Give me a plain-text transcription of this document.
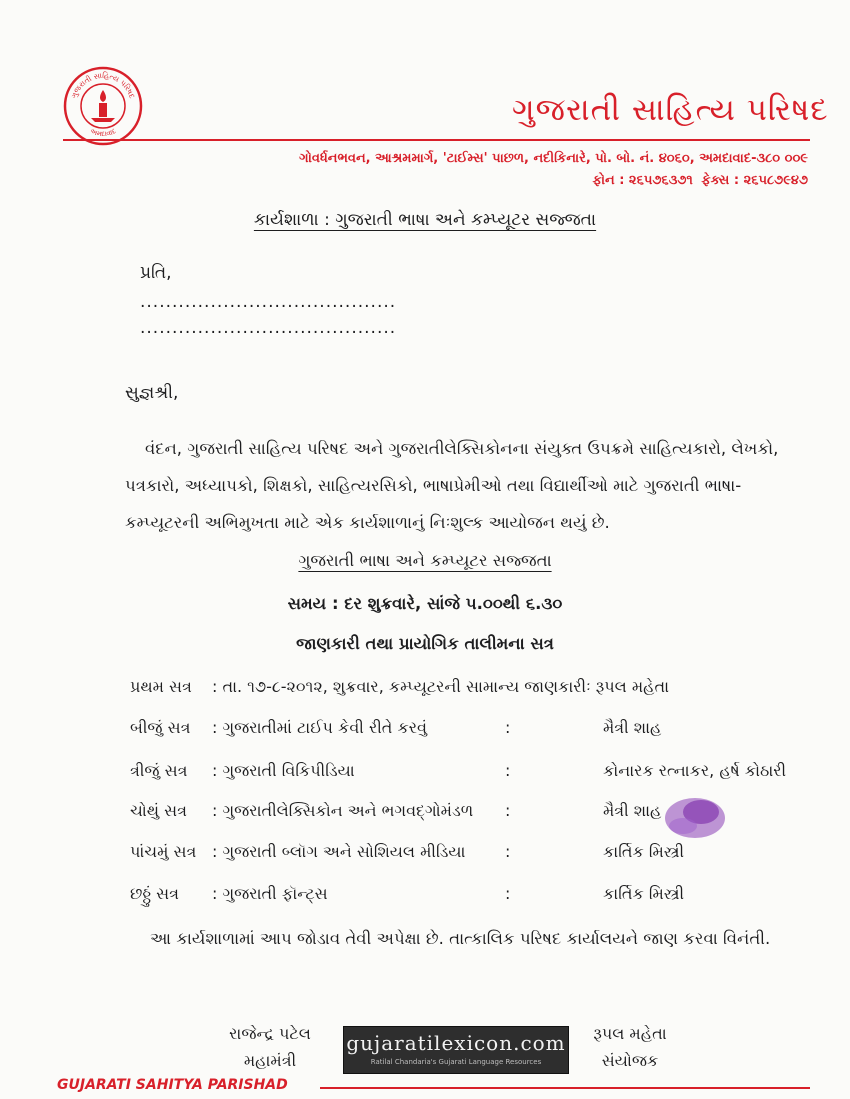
ગુજરાતી સાહિત્ય પરિષદ
અમદાવાદ
ગુજરાતી સાહિત્ય પરિષદ
ગોવર્ધનભવન, આશ્રમમાર્ગ, 'ટાઈમ્સ' પાછળ, નદીકિનારે, પો. બો. નં. ૪૦૬૦, અમદાવાદ-૩૮૦ ૦૦૯
ફોન : ૨૬૫૭૬૩૭૧ ફેક્સ : ૨૬૫૮૭૯૪૭
કાર્યશાળા : ગુજરાતી ભાષા અને કમ્પ્યૂટર સજ્જતા
પ્રતિ,
........................................
........................................
સુજ્ઞશ્રી,
વંદન, ગુજરાતી સાહિત્ય પરિષદ અને ગુજરાતીલેક્સિકોનના સંયુક્ત ઉપક્રમે સાહિત્યકારો, લેખકો, પત્રકારો, અધ્યાપકો, શિક્ષકો, સાહિત્યરસિકો, ભાષાપ્રેમીઓ તથા વિદ્યાર્થીઓ માટે ગુજરાતી ભાષા-કમ્પ્યૂટરની અભિમુખતા માટે એક કાર્યશાળાનું નિઃશુલ્ક આયોજન થયું છે.
ગુજરાતી ભાષા અને કમ્પ્યૂટર સજ્જતા
સમય : દર શુક્રવારે, સાંજે ૫.૦૦થી ૬.૩૦
જાણકારી તથા પ્રાયોગિક તાલીમના સત્ર
પ્રથમ સત્ર : તા. ૧૭-૮-૨૦૧૨, શુક્રવાર, કમ્પ્યૂટરની સામાન્ય જાણકારીઃ રૂપલ મહેતા
બીજું સત્ર : ગુજરાતીમાં ટાઈપ કેવી રીતે કરવું	:	મૈત્રી શાહ
ત્રીજું સત્ર : ગુજરાતી વિકિપીડિયા	:	કોનારક રત્નાકર, હર્ષ કોઠારી
ચોથું સત્ર : ગુજરાતીલેક્સિકોન અને ભગવદ્ગોમંડળ :	મૈત્રી શાહ
પાંચમું સત્ર : ગુજરાતી બ્લૉગ અને સોશિયલ મીડિયા :	કાર્તિક મિસ્ત્રી
છઠ્ઠું સત્ર : ગુજરાતી ફૉન્ટ્સ	:	કાર્તિક મિસ્ત્રી
આ કાર્યશાળામાં આપ જોડાવ તેવી અપેક્ષા છે. તાત્કાલિક પરિષદ કાર્યાલયને જાણ કરવા વિનંતી.
રાજેન્દ્ર પટેલ
મહામંત્રી
gujaratilexicon.com
Ratilal Chandaria's Gujarati Language Resources
રૂપલ મહેતા
સંયોજક
GUJARATI SAHITYA PARISHAD
